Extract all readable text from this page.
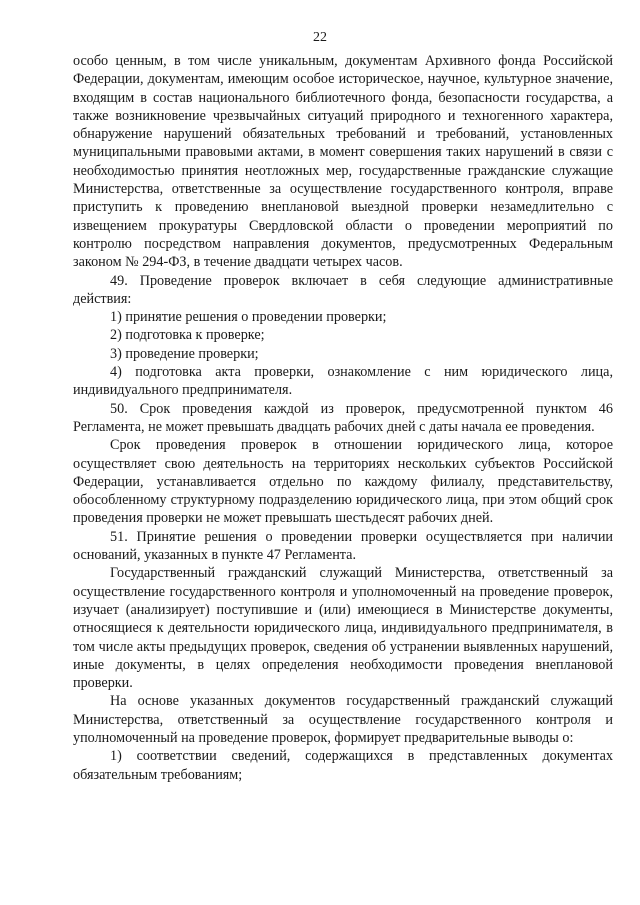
22

особо ценным, в том числе уникальным, документам Архивного фонда Российской Федерации, документам, имеющим особое историческое, научное, культурное значение, входящим в состав национального библиотечного фонда, безопасности государства, а также возникновение чрезвычайных ситуаций природного и техногенного характера, обнаружение нарушений обязательных требований и требований, установленных муниципальными правовыми актами, в момент совершения таких нарушений в связи с необходимостью принятия неотложных мер, государственные гражданские служащие Министерства, ответственные за осуществление государственного контроля, вправе приступить к проведению внеплановой выездной проверки незамедлительно с извещением прокуратуры Свердловской области о проведении мероприятий по контролю посредством направления документов, предусмотренных Федеральным законом № 294-ФЗ, в течение двадцати четырех часов.

49. Проведение проверок включает в себя следующие административные действия:

1) принятие решения о проведении проверки;

2) подготовка к проверке;

3) проведение проверки;

4) подготовка акта проверки, ознакомление с ним юридического лица, индивидуального предпринимателя.

50. Срок проведения каждой из проверок, предусмотренной пунктом 46 Регламента, не может превышать двадцать рабочих дней с даты начала ее проведения.

Срок проведения проверок в отношении юридического лица, которое осуществляет свою деятельность на территориях нескольких субъектов Российской Федерации, устанавливается отдельно по каждому филиалу, представительству, обособленному структурному подразделению юридического лица, при этом общий срок проведения проверки не может превышать шестьдесят рабочих дней.

51. Принятие решения о проведении проверки осуществляется при наличии оснований, указанных в пункте 47 Регламента.

Государственный гражданский служащий Министерства, ответственный за осуществление государственного контроля и уполномоченный на проведение проверок, изучает (анализирует) поступившие и (или) имеющиеся в Министерстве документы, относящиеся к деятельности юридического лица, индивидуального предпринимателя, в том числе акты предыдущих проверок, сведения об устранении выявленных нарушений, иные документы, в целях определения необходимости проведения внеплановой проверки.

На основе указанных документов государственный гражданский служащий Министерства, ответственный за осуществление государственного контроля и уполномоченный на проведение проверок, формирует предварительные выводы о:

1) соответствии сведений, содержащихся в представленных документах обязательным требованиям;
